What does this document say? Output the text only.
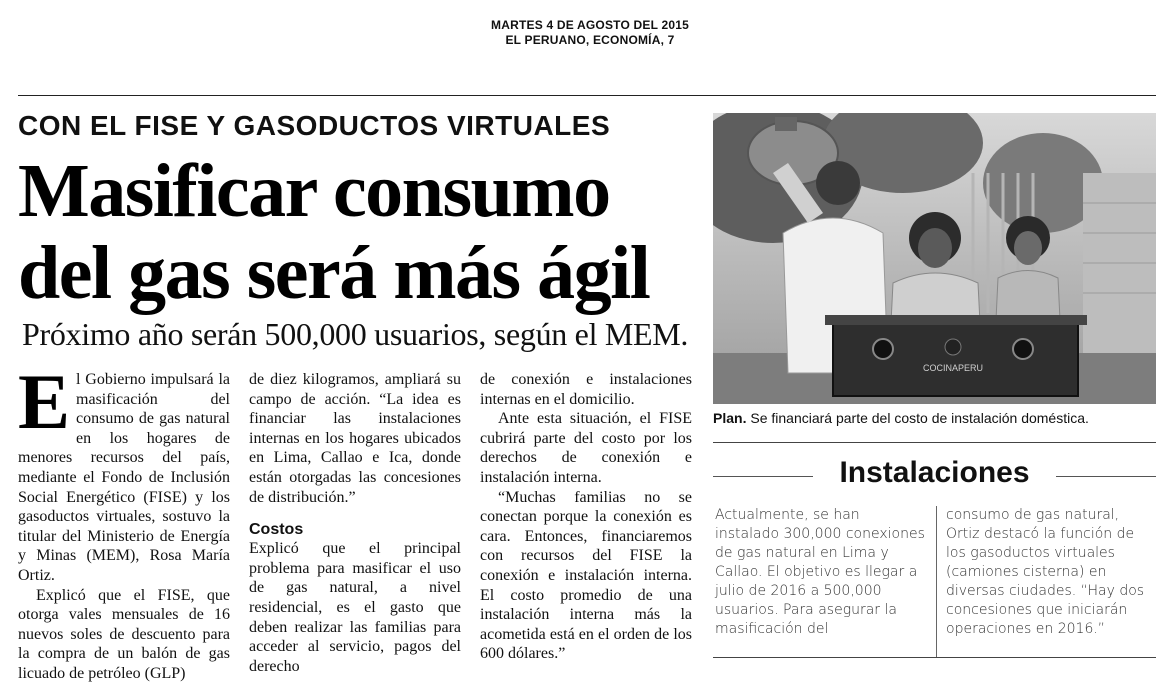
MARTES 4 DE AGOSTO DEL 2015
EL PERUANO, ECONOMÍA, 7
CON EL FISE Y GASODUCTOS VIRTUALES
Masificar consumo
del gas será más ágil
Próximo año serán 500,000 usuarios, según el MEM.

El Gobierno impulsará la masificación del consumo de gas natural en los hogares de menores recursos del país, mediante el Fondo de Inclusión Social Energético (FISE) y los gasoductos virtuales, sostuvo la titular del Ministerio de Energía y Minas (MEM), Rosa María Ortiz.

Explicó que el FISE, que otorga vales mensuales de 16 nuevos soles de descuento para la compra de un balón de gas licuado de petróleo (GLP)

de diez kilogramos, ampliará su campo de acción. “La idea es financiar las instalaciones internas en los hogares ubicados en Lima, Callao e Ica, donde están otorgadas las concesiones de distribución.”

Costos

Explicó que el principal problema para masificar el uso de gas natural, a nivel residencial, es el gasto que deben realizar las familias para acceder al servicio, pagos del derecho

de conexión e instalaciones internas en el domicilio.

Ante esta situación, el FISE cubrirá parte del costo por los derechos de conexión e instalación interna.

“Muchas familias no se conectan porque la conexión es cara. Entonces, financiaremos con recursos del FISE la conexión e instalación interna. El costo promedio de una instalación interna más la acometida está en el orden de los 600 dólares.”

COCINAPERU
Plan. Se financiará parte del costo de instalación doméstica.
Instalaciones
Actualmente, se han instalado 300,000 conexiones de gas natural en Lima y Callao. El objetivo es llegar a julio de 2016 a 500,000 usuarios. Para asegurar la masificación del
consumo de gas natural, Ortiz destacó la función de los gasoductos virtuales (camiones cisterna) en diversas ciudades. “Hay dos concesiones que iniciarán operaciones en 2016.”
